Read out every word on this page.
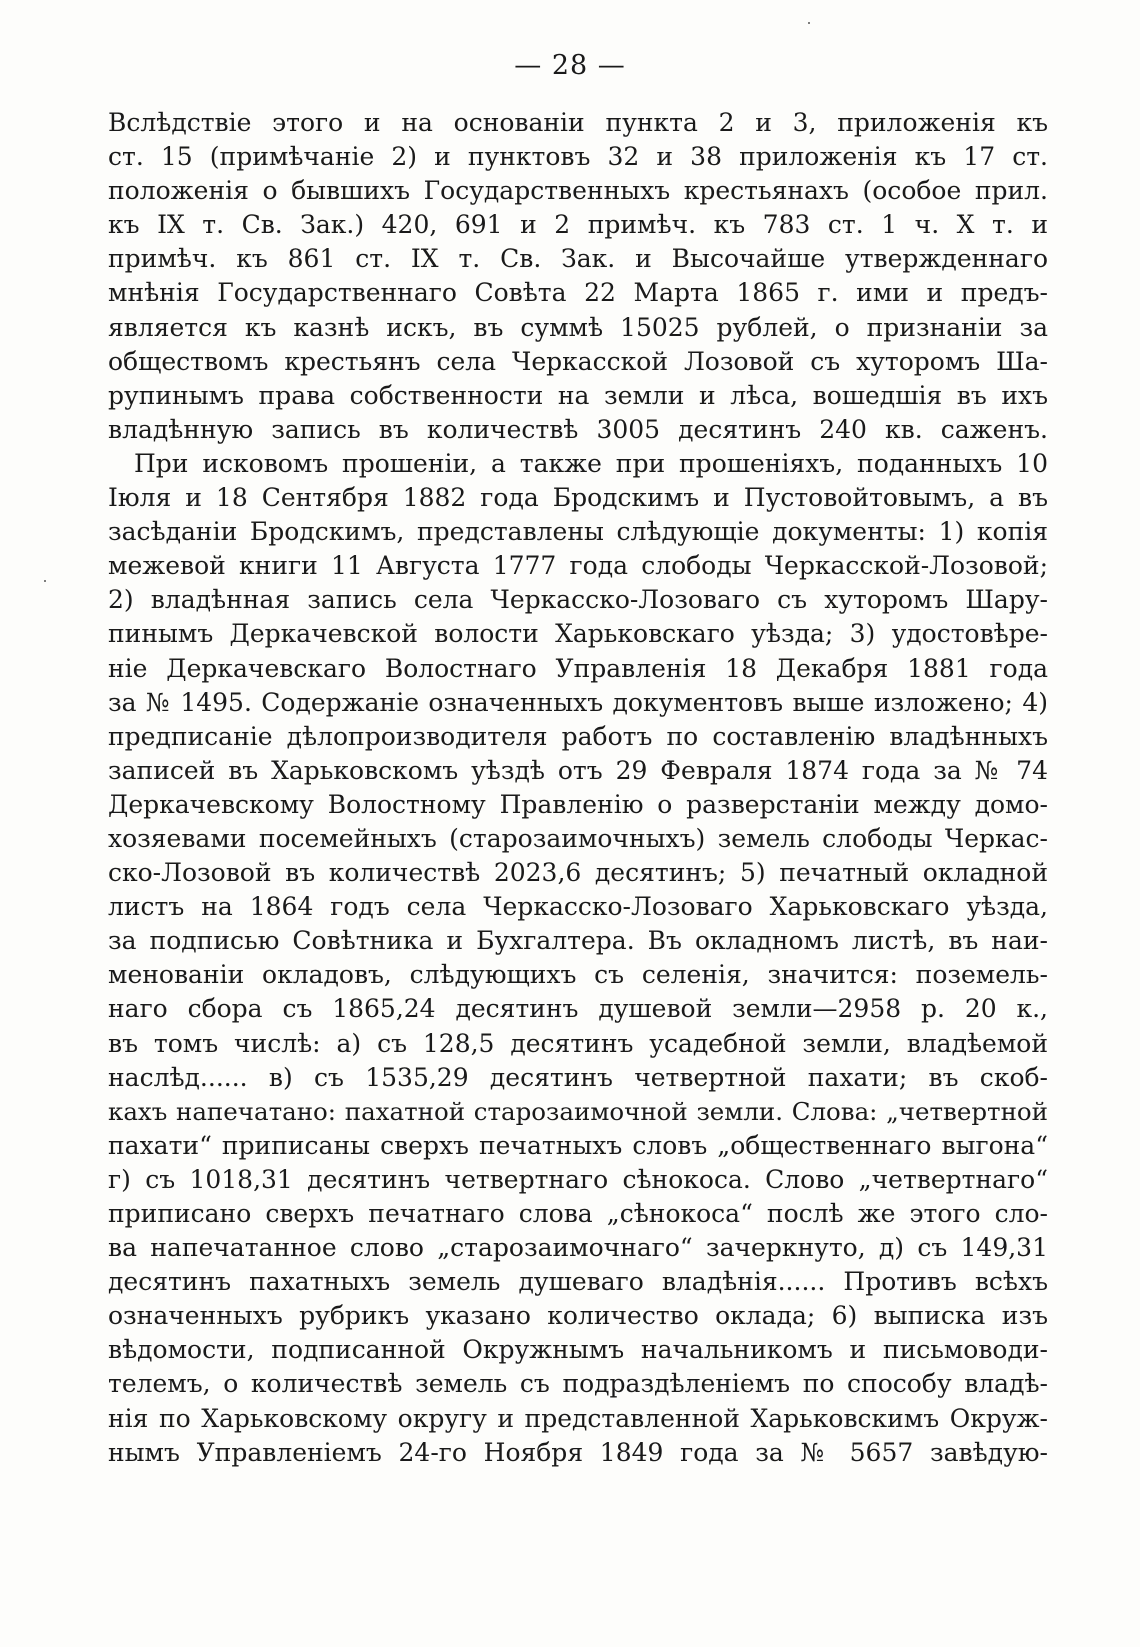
— 28 —
Вслѣдствіе этого и на основаніи пункта 2 и 3, приложенія къ
ст. 15 (примѣчаніе 2) и пунктовъ 32 и 38 приложенія къ 17 ст.
положенія о бывшихъ Государственныхъ крестьянахъ (особое прил.
къ IX т. Св. Зак.) 420, 691 и 2 примѣч. къ 783 ст. 1 ч. X т. и
примѣч. къ 861 ст. IX т. Св. Зак. и Высочайше утвержденнаго
мнѣнія Государственнаго Совѣта 22 Марта 1865 г. ими и предъ-
является къ казнѣ искъ, въ суммѣ 15025 рублей, о признаніи за
обществомъ крестьянъ села Черкасской Лозовой съ хуторомъ Ша-
рупинымъ права собственности на земли и лѣса, вошедшія въ ихъ
владѣнную запись въ количествѣ 3005 десятинъ 240 кв. саженъ.
При исковомъ прошеніи, а также при прошеніяхъ, поданныхъ 10
Іюля и 18 Сентября 1882 года Бродскимъ и Пустовойтовымъ, а въ
засѣданіи Бродскимъ, представлены слѣдующіе документы: 1) копія
межевой книги 11 Августа 1777 года слободы Черкасской-Лозовой;
2) владѣнная запись села Черкасско-Лозоваго съ хуторомъ Шару-
пинымъ Деркачевской волости Харьковскаго уѣзда; 3) удостовѣре-
ніе Деркачевскаго Волостнаго Управленія 18 Декабря 1881 года
за № 1495. Содержаніе означенныхъ документовъ выше изложено; 4)
предписаніе дѣлопроизводителя работъ по составленію владѣнныхъ
записей въ Харьковскомъ уѣздѣ отъ 29 Февраля 1874 года за № 74
Деркачевскому Волостному Правленію о разверстаніи между домо-
хозяевами посемейныхъ (старозаимочныхъ) земель слободы Черкас-
ско-Лозовой въ количествѣ 2023,6 десятинъ; 5) печатный окладной
листъ на 1864 годъ села Черкасско-Лозоваго Харьковскаго уѣзда,
за подписью Совѣтника и Бухгалтера. Въ окладномъ листѣ, въ наи-
менованіи окладовъ, слѣдующихъ съ селенія, значится: поземель-
наго сбора съ 1865,24 десятинъ душевой земли—2958 р. 20 к.,
въ томъ числѣ: а) съ 128,5 десятинъ усадебной земли, владѣемой
наслѣд...... в) съ 1535,29 десятинъ четвертной пахати; въ скоб-
кахъ напечатано: пахатной старозаимочной земли. Слова: „четвертной
пахати“ приписаны сверхъ печатныхъ словъ „общественнаго выгона“
г) съ 1018,31 десятинъ четвертнаго сѣнокоса. Слово „четвертнаго“
приписано сверхъ печатнаго слова „сѣнокоса“ послѣ же этого сло-
ва напечатанное слово „старозаимочнаго“ зачеркнуто, д) съ 149,31
десятинъ пахатныхъ земель душеваго владѣнія...... Противъ всѣхъ
означенныхъ рубрикъ указано количество оклада; 6) выписка изъ
вѣдомости, подписанной Окружнымъ начальникомъ и письмоводи-
телемъ, о количествѣ земель съ подраздѣленіемъ по способу владѣ-
нія по Харьковскому округу и представленной Харьковскимъ Окруж-
нымъ Управленіемъ 24-го Ноября 1849 года за № 5657 завѣдую-
